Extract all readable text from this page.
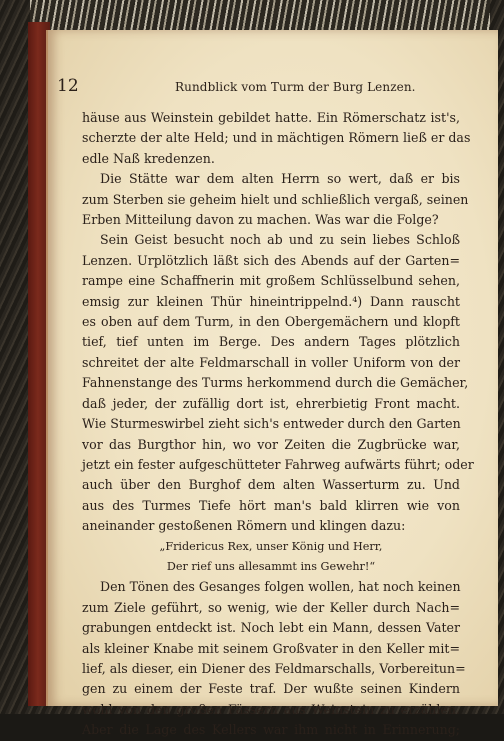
12	Rundblick vom Turm der Burg Lenzen.
häuse aus Weinstein gebildet hatte. Ein Römerschatz ist's,
scherzte der alte Held; und in mächtigen Römern ließ er das
edle Naß kredenzen.
Die Stätte war dem alten Herrn so wert, daß er bis
zum Sterben sie geheim hielt und schließlich vergaß, seinen
Erben Mitteilung davon zu machen. Was war die Folge?
Sein Geist besucht noch ab und zu sein liebes Schloß
Lenzen. Urplötzlich läßt sich des Abends auf der Garten=
rampe eine Schaffnerin mit großem Schlüsselbund sehen,
emsig zur kleinen Thür hineintrippelnd.⁴) Dann rauscht
es oben auf dem Turm, in den Obergemächern und klopft
tief, tief unten im Berge. Des andern Tages plötzlich
schreitet der alte Feldmarschall in voller Uniform von der
Fahnenstange des Turms herkommend durch die Gemächer,
daß jeder, der zufällig dort ist, ehrerbietig Front macht.
Wie Sturmeswirbel zieht sich's entweder durch den Garten
vor das Burgthor hin, wo vor Zeiten die Zugbrücke war,
jetzt ein fester aufgeschütteter Fahrweg aufwärts führt; oder
auch über den Burghof dem alten Wasserturm zu. Und
aus des Turmes Tiefe hört man's bald klirren wie von
aneinander gestoßenen Römern und klingen dazu:
„Fridericus Rex, unser König und Herr,
Der rief uns allesammt ins Gewehr!“
Den Tönen des Gesanges folgen wollen, hat noch keinen
zum Ziele geführt, so wenig, wie der Keller durch Nach=
grabungen entdeckt ist. Noch lebt ein Mann, dessen Vater
als kleiner Knabe mit seinem Großvater in den Keller mit=
lief, als dieser, ein Diener des Feldmarschalls, Vorbereitun=
gen zu einem der Feste traf. Der wußte seinen Kindern
wohl von den großen Fässern aus Weinstein zu erzählen.
Aber die Lage des Kellers war ihm nicht in Erinnerung;
